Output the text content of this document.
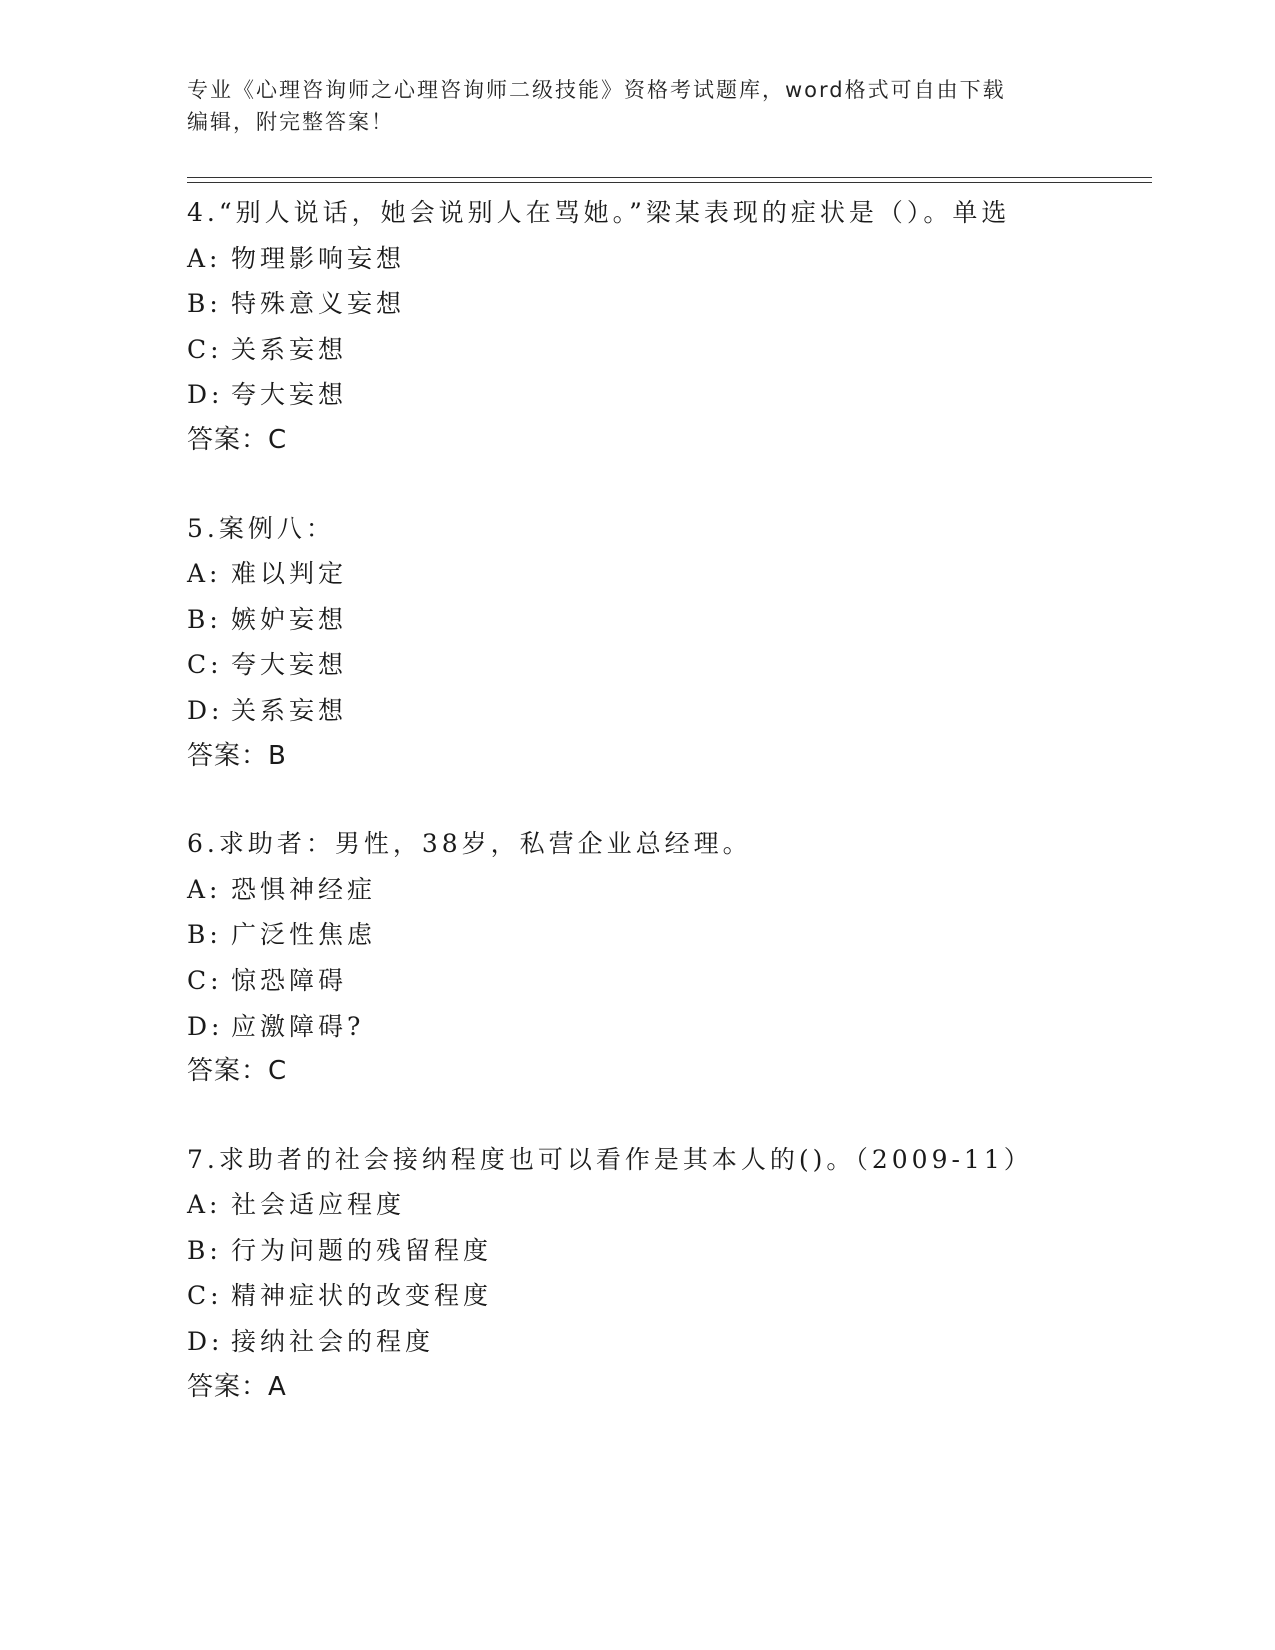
专业《心理咨询师之心理咨询师二级技能》资格考试题库，word格式可自由下载
编辑，附完整答案！
4.“别人说话，她会说别人在骂她。”梁某表现的症状是（）。单选
A: 物理影响妄想
B: 特殊意义妄想
C: 关系妄想
D: 夸大妄想
答案：C
5.案例八：
A: 难以判定
B: 嫉妒妄想
C: 夸大妄想
D: 关系妄想
答案：B
6.求助者：男性，38岁，私营企业总经理。
A: 恐惧神经症
B: 广泛性焦虑
C: 惊恐障碍
D: 应激障碍?
答案：C
7.求助者的社会接纳程度也可以看作是其本人的()。（2009-11）
A: 社会适应程度
B: 行为问题的残留程度
C: 精神症状的改变程度
D: 接纳社会的程度
答案：A
